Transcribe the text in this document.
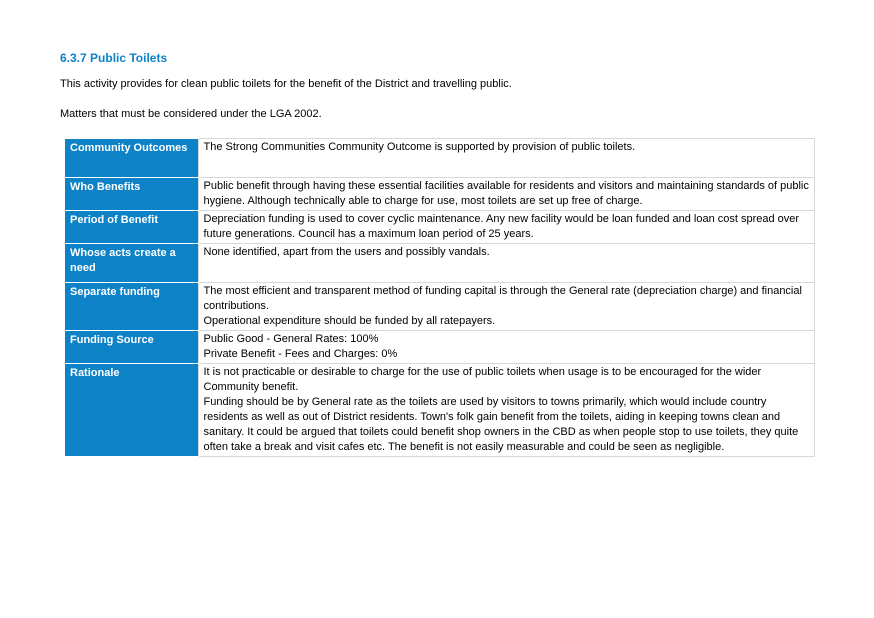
6.3.7 Public Toilets

This activity provides for clean public toilets for the benefit of the District and travelling public.

Matters that must be considered under the LGA 2002.

Community Outcomes	The Strong Communities Community Outcome is supported by provision of public toilets.

Who Benefits	Public benefit through having these essential facilities available for residents and visitors and maintaining standards of public hygiene. Although technically able to charge for use, most toilets are set up free of charge.

Period of Benefit	Depreciation funding is used to cover cyclic maintenance. Any new facility would be loan funded and loan cost spread over future generations. Council has a maximum loan period of 25 years.

Whose acts create a need	None identified, apart from the users and possibly vandals.

Separate funding	The most efficient and transparent method of funding capital is through the General rate (depreciation charge) and financial contributions.
Operational expenditure should be funded by all ratepayers.

Funding Source	Public Good - General Rates: 100%
Private Benefit - Fees and Charges: 0%

Rationale	It is not practicable or desirable to charge for the use of public toilets when usage is to be encouraged for the wider Community benefit.
Funding should be by General rate as the toilets are used by visitors to towns primarily, which would include country residents as well as out of District residents. Town's folk gain benefit from the toilets, aiding in keeping towns clean and sanitary. It could be argued that toilets could benefit shop owners in the CBD as when people stop to use toilets, they quite often take a break and visit cafes etc. The benefit is not easily measurable and could be seen as negligible.
